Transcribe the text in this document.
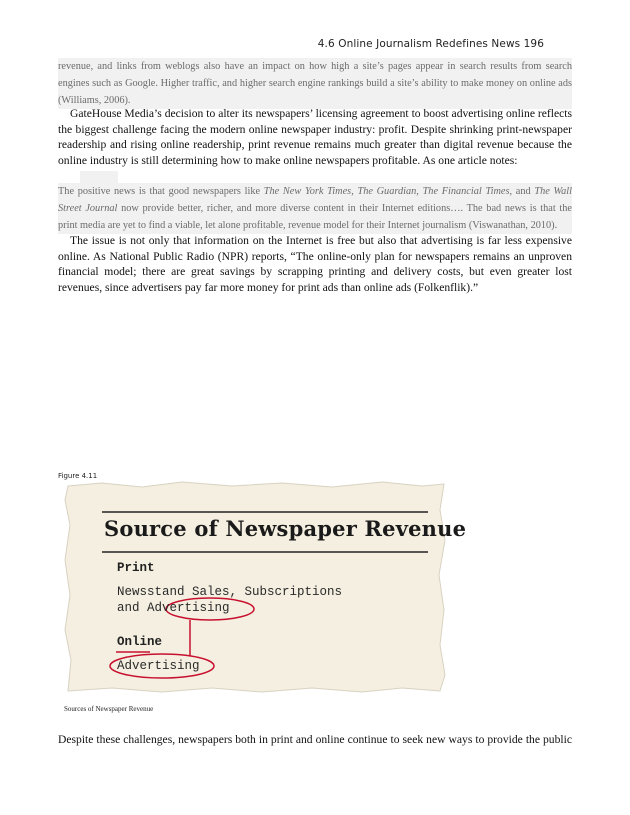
4.6 Online Journalism Redefines News 196
revenue, and links from weblogs also have an impact on how high a site’s pages appear in search results from search engines such as Google. Higher traffic, and higher search engine rankings build a site’s ability to make money on online ads (Williams, 2006).

GateHouse Media’s decision to alter its newspapers’ licensing agreement to boost advertising online reflects the biggest challenge facing the modern online newspaper industry: profit. Despite shrinking print-newspaper readership and rising online readership, print revenue remains much greater than digital revenue because the online industry is still determining how to make online newspapers profitable. As one article notes:

The positive news is that good newspapers like The New York Times, The Guardian, The Financial Times, and The Wall Street Journal now provide better, richer, and more diverse content in their Internet editions…. The bad news is that the print media are yet to find a viable, let alone profitable, revenue model for their Internet journalism (Viswanathan, 2010).

The issue is not only that information on the Internet is free but also that advertising is far less expensive online. As National Public Radio (NPR) reports, “The online-only plan for newspapers remains an unproven financial model; there are great savings by scrapping printing and delivery costs, but even greater lost revenues, since advertisers pay far more money for print ads than online ads (Folkenflik).”

Figure 4.11
Source of Newspaper Revenue
Print
Newsstand Sales, Subscriptions
and Advertising
Online
Advertising
Sources of Newspaper Revenue
Despite these challenges, newspapers both in print and online continue to seek new ways to provide the public
